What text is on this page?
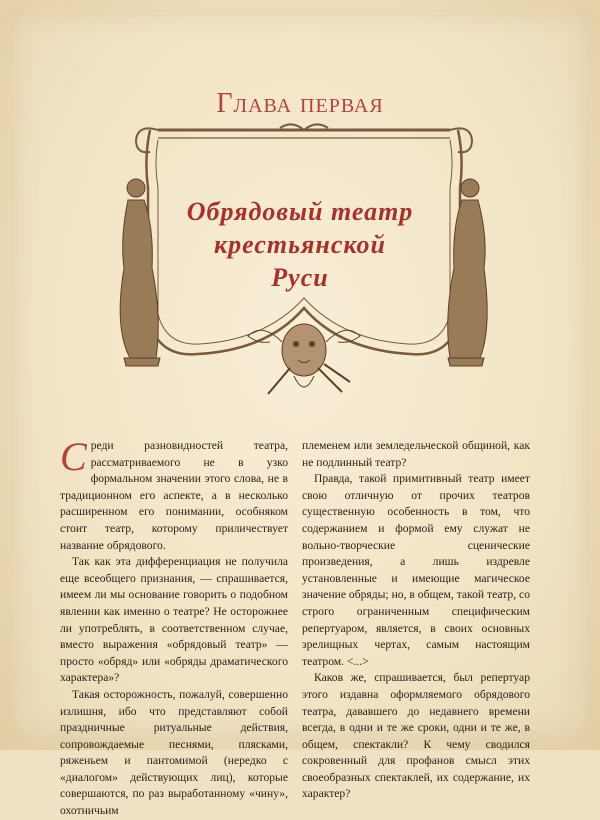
Глава первая
Обрядовый театр
крестьянской
Руси

Среди разновидностей театра, рассматриваемого не в узко формальном значении этого слова, не в традиционном его аспекте, а в несколько расширенном его понимании, особняком стоит театр, которому приличествует название обрядового.

Так как эта дифференциация не получила еще всеобщего признания, — спрашивается, имеем ли мы основание говорить о подобном явлении как именно о театре? Не осторожнее ли употреблять, в соответственном случае, вместо выражения «обрядовый театр» — просто «обряд» или «обряды драматического характера»?

Такая осторожность, пожалуй, совершенно излишня, ибо что представляют собой праздничные ритуальные действия, сопровождаемые песнями, плясками, ряженьем и пантомимой (нередко с «диалогом» действующих лиц), которые совершаются, по раз выработанному «чину», охотничьим

племенем или земледельческой общиной, как не подлинный театр?

Правда, такой примитивный театр имеет свою отличную от прочих театров существенную особенность в том, что содержанием и формой ему служат не вольно-творческие сценические произведения, а лишь издревле установленные и имеющие магическое значение обряды; но, в общем, такой театр, со строго ограниченным специфическим репертуаром, является, в своих основных зрелищных чертах, самым настоящим театром. <...>

Каков же, спрашивается, был репертуар этого издавна оформляемого обрядового театра, дававшего до недавнего времени всегда, в одни и те же сроки, одни и те же, в общем, спектакли? К чему сводился сокровенный для профанов смысл этих своеобразных спектаклей, их содержание, их характер?
